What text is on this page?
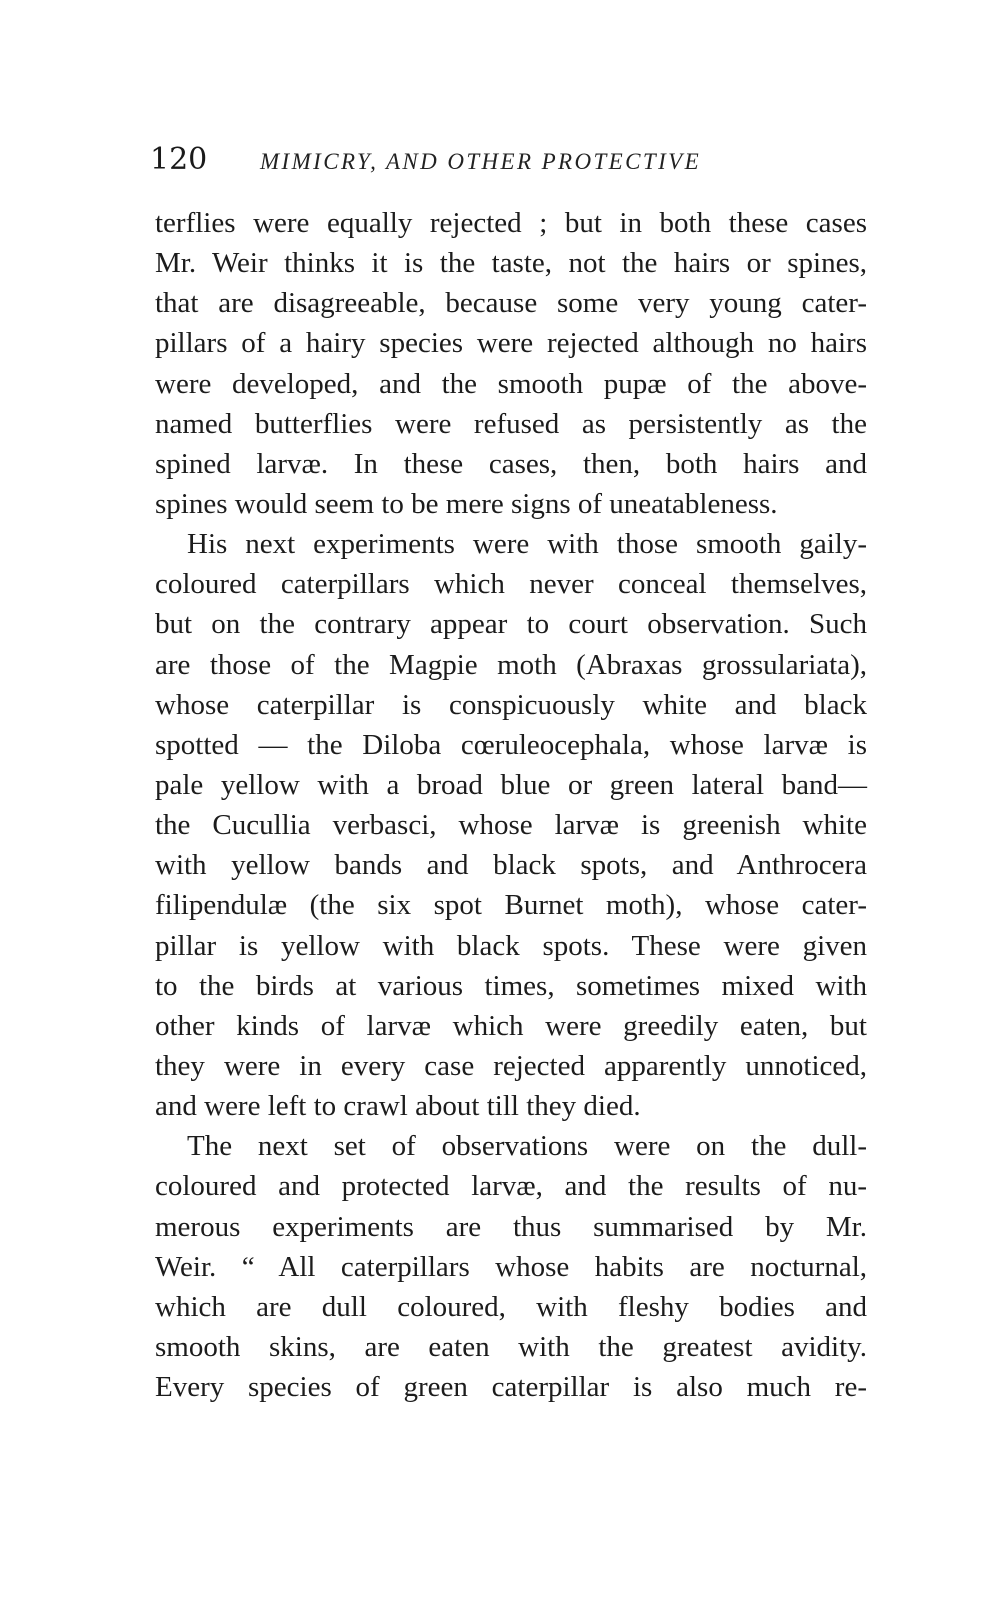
120 MIMICRY, AND OTHER PROTECTIVE
terflies were equally rejected ; but in both these cases
Mr. Weir thinks it is the taste, not the hairs or spines,
that are disagreeable, because some very young cater-
pillars of a hairy species were rejected although no hairs
were developed, and the smooth pupæ of the above-
named butterflies were refused as persistently as the
spined larvæ. In these cases, then, both hairs and
spines would seem to be mere signs of uneatableness.
His next experiments were with those smooth gaily-
coloured caterpillars which never conceal themselves,
but on the contrary appear to court observation. Such
are those of the Magpie moth (Abraxas grossulariata),
whose caterpillar is conspicuously white and black
spotted — the Diloba cœruleocephala, whose larvæ is
pale yellow with a broad blue or green lateral band—
the Cucullia verbasci, whose larvæ is greenish white
with yellow bands and black spots, and Anthrocera
filipendulæ (the six spot Burnet moth), whose cater-
pillar is yellow with black spots. These were given
to the birds at various times, sometimes mixed with
other kinds of larvæ which were greedily eaten, but
they were in every case rejected apparently unnoticed,
and were left to crawl about till they died.
The next set of observations were on the dull-
coloured and protected larvæ, and the results of nu-
merous experiments are thus summarised by Mr.
Weir. “ All caterpillars whose habits are nocturnal,
which are dull coloured, with fleshy bodies and
smooth skins, are eaten with the greatest avidity.
Every species of green caterpillar is also much re-
